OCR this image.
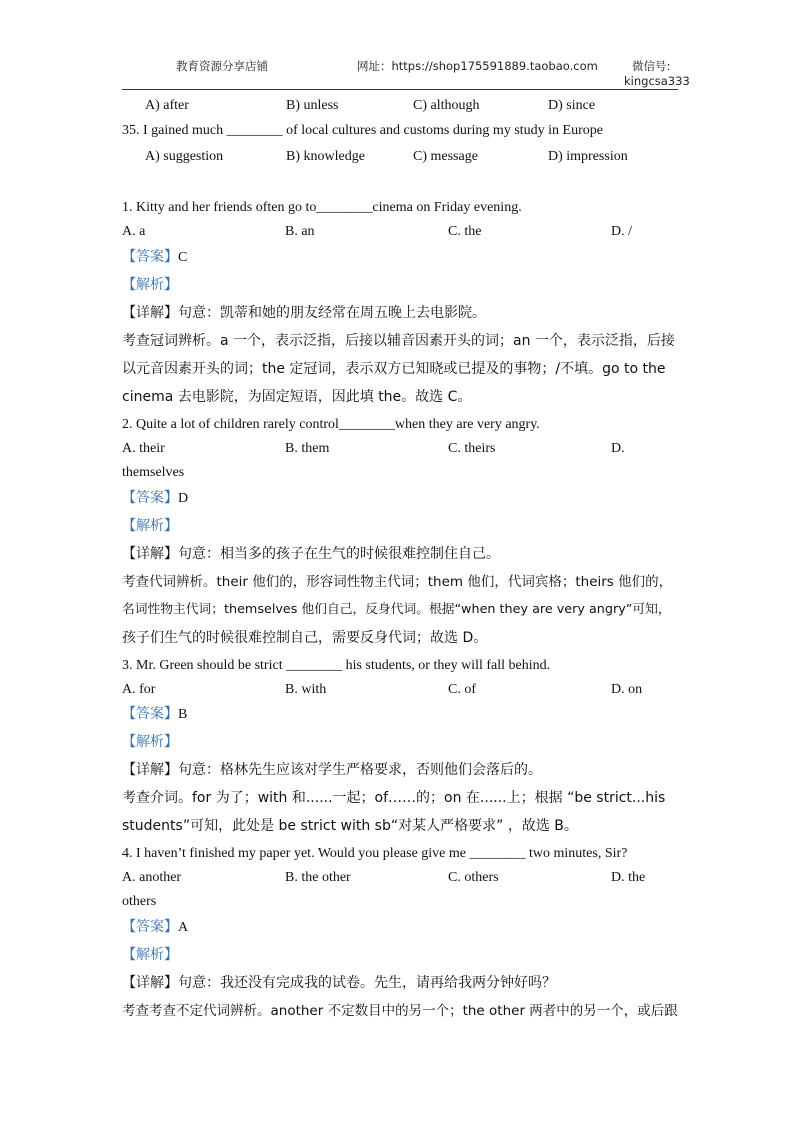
教育资源分享店铺	网址：https://shop175591889.taobao.com	微信号:
kingcsa333
A) after	B) unless	C) although	D) since
35. I gained much ________ of local cultures and customs during my study in Europe
A) suggestion	B) knowledge	C) message	D) impression
1. Kitty and her friends often go to________cinema on Friday evening.
A. a	B. an	C. the	D. /
【答案】C
【解析】
【详解】句意：凯蒂和她的朋友经常在周五晚上去电影院。
考查冠词辨析。a 一个，表示泛指，后接以辅音因素开头的词；an 一个，表示泛指，后接
以元音因素开头的词；the 定冠词，表示双方已知晓或已提及的事物；/不填。go to the
cinema 去电影院，为固定短语，因此填 the。故选 C。
2. Quite a lot of children rarely control________when they are very angry.
A. their	B. them	C. theirs	D.
themselves
【答案】D
【解析】
【详解】句意：相当多的孩子在生气的时候很难控制住自己。
考查代词辨析。their 他们的，形容词性物主代词；them 他们，代词宾格；theirs 他们的，
名词性物主代词；themselves 他们自己，反身代词。根据“when they are very angry”可知，
孩子们生气的时候很难控制自己，需要反身代词；故选 D。
3. Mr. Green should be strict ________ his students, or they will fall behind.
A. for	B. with	C. of	D. on
【答案】B
【解析】
【详解】句意：格林先生应该对学生严格要求，否则他们会落后的。
考查介词。for 为了；with 和......一起；of……的；on 在......上；根据 “be strict...his
students”可知，此处是 be strict with sb“对某人严格要求” ，故选 B。
4. I haven’t finished my paper yet. Would you please give me ________ two minutes, Sir?
A. another	B. the other	C. others	D. the
others
【答案】A
【解析】
【详解】句意：我还没有完成我的试卷。先生，请再给我两分钟好吗？
考查考查不定代词辨析。another 不定数目中的另一个；the other 两者中的另一个，或后跟
